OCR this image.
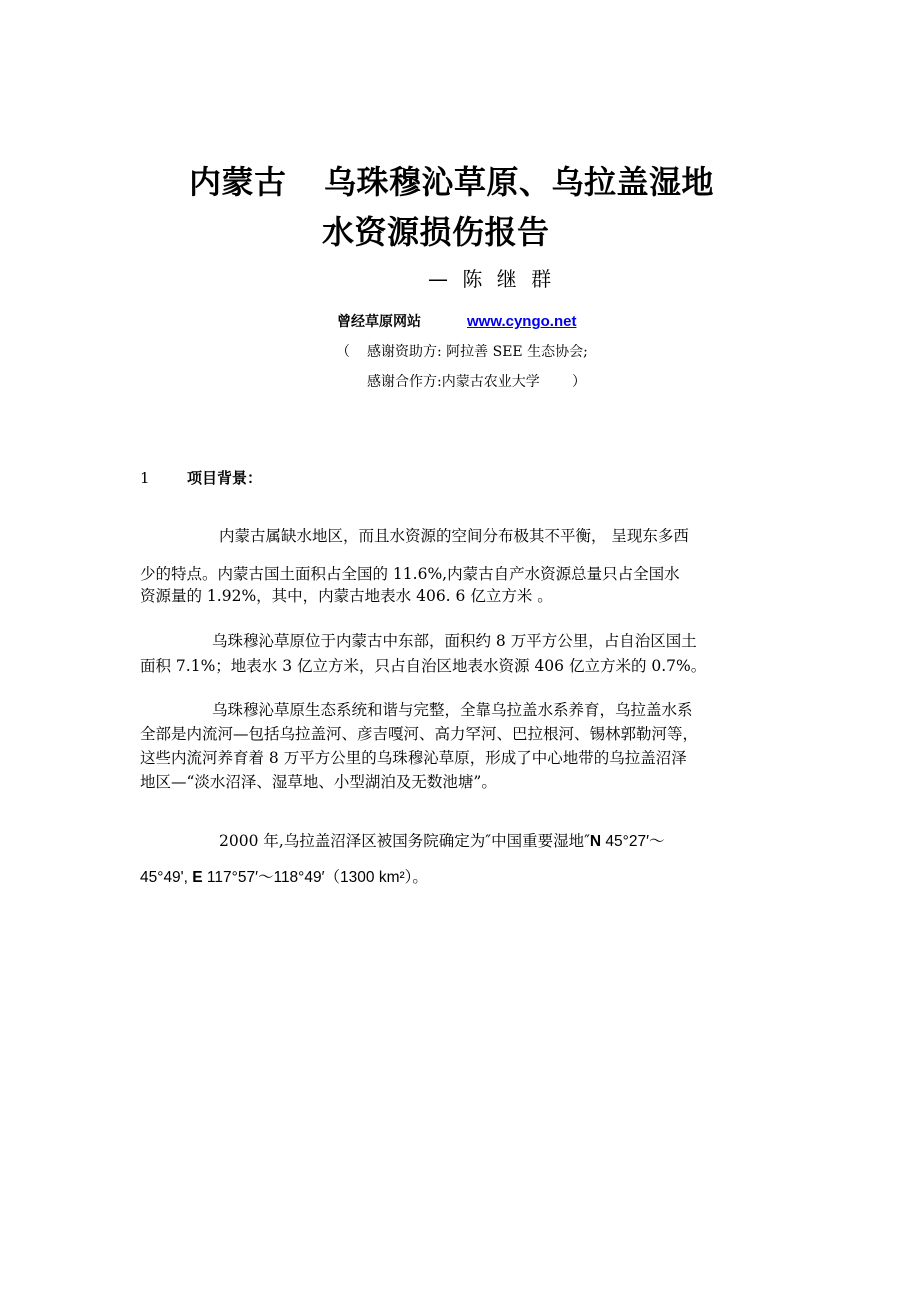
内蒙古 乌珠穆沁草原、乌拉盖湿地
水资源损伤报告
— 陈 继 群
曾经草原网站	www.cyngo.net
（ 感谢资助方: 阿拉善 SEE 生态协会;
感谢合作方:内蒙古农业大学 ）
1 项目背景：
内蒙古属缺水地区，而且水资源的空间分布极其不平衡， 呈现东多西
少的特点。内蒙古国土面积占全国的 11.6%,内蒙古自产水资源总量只占全国水
资源量的 1.92%，其中，内蒙古地表水 406. 6 亿立方米 。
乌珠穆沁草原位于内蒙古中东部，面积约 8 万平方公里，占自治区国土
面积 7.1%；地表水 3 亿立方米，只占自治区地表水资源 406 亿立方米的 0.7%。
乌珠穆沁草原生态系统和谐与完整，全靠乌拉盖水系养育，乌拉盖水系
全部是内流河—包括乌拉盖河、彦吉嘎河、高力罕河、巴拉根河、锡林郭勒河等，
这些内流河养育着 8 万平方公里的乌珠穆沁草原，形成了中心地带的乌拉盖沼泽
地区—“淡水沼泽、湿草地、小型湖泊及无数池塘”。
2000 年,乌拉盖沼泽区被国务院确定为″中国重要湿地″N 45°27′～
45°49', E 117°57′～118°49′（1300 km²）。
